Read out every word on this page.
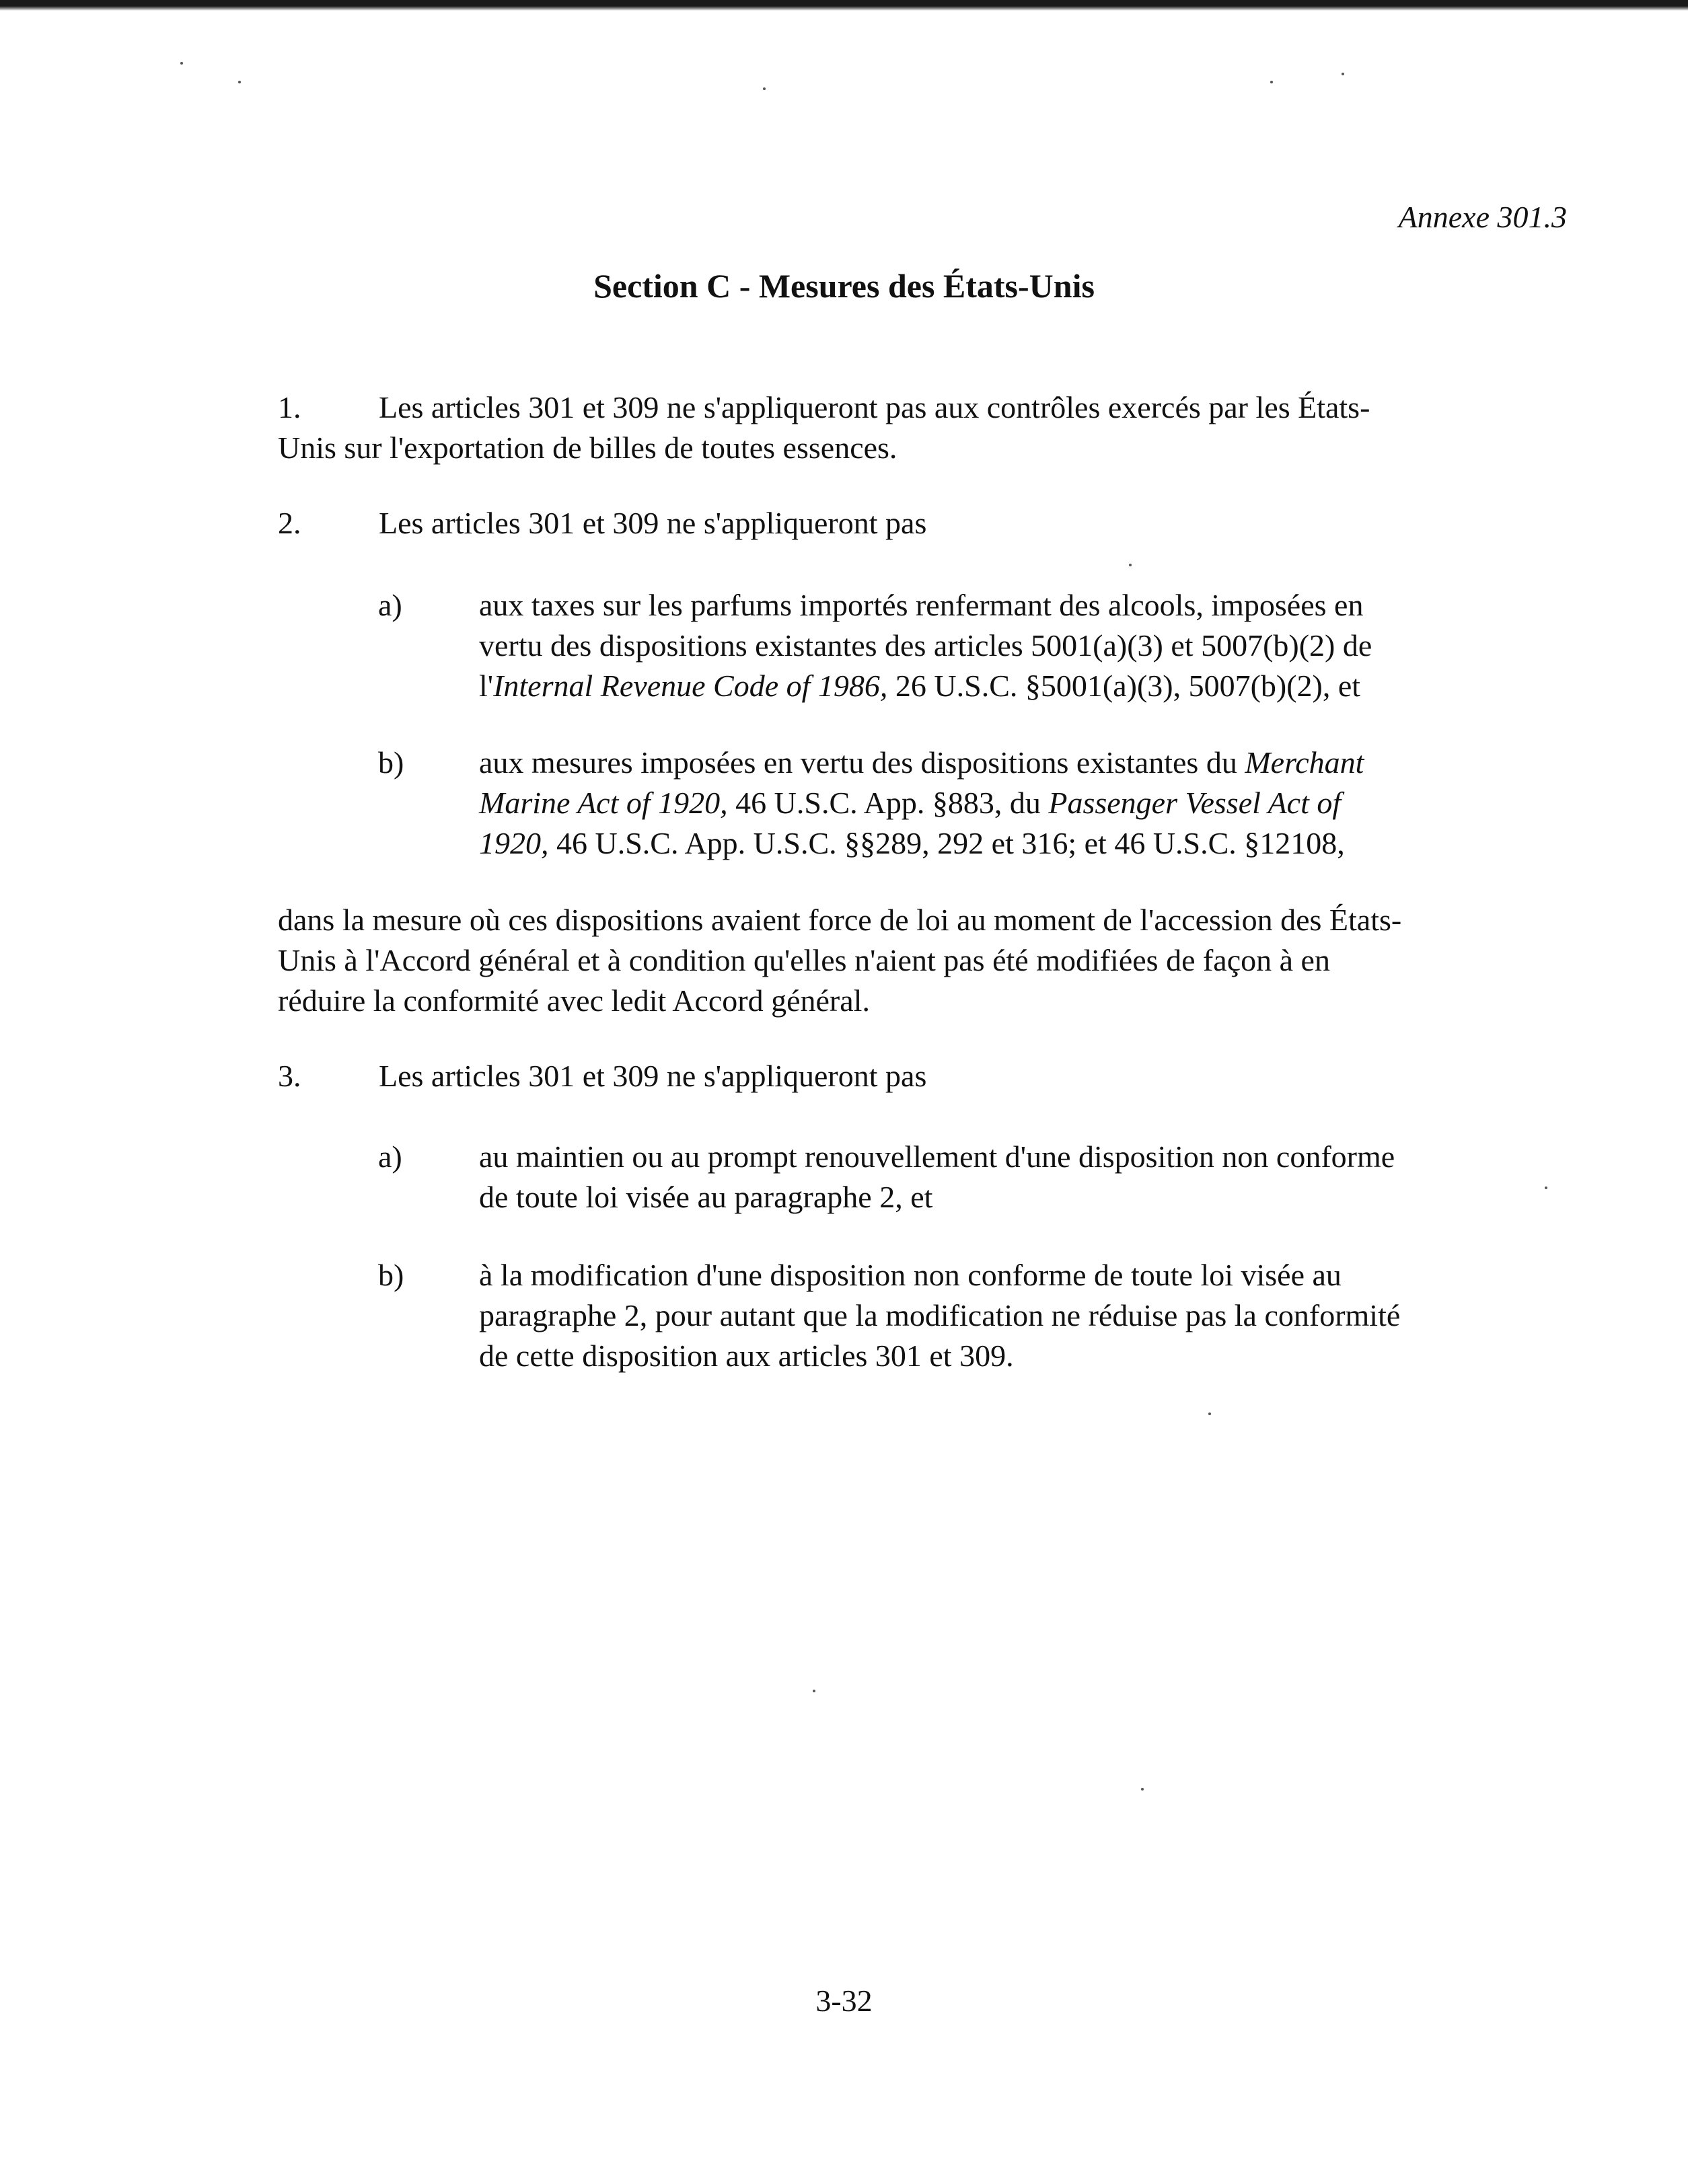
Annexe 301.3
Section C - Mesures des États-Unis
1.	Les articles 301 et 309 ne s'appliqueront pas aux contrôles exercés par les États-
Unis sur l'exportation de billes de toutes essences.
2.	Les articles 301 et 309 ne s'appliqueront pas
a) aux taxes sur les parfums importés renfermant des alcools, imposées en
vertu des dispositions existantes des articles 5001(a)(3) et 5007(b)(2) de
l'Internal Revenue Code of 1986, 26 U.S.C. §5001(a)(3), 5007(b)(2), et
b) aux mesures imposées en vertu des dispositions existantes du Merchant
Marine Act of 1920, 46 U.S.C. App. §883, du Passenger Vessel Act of
1920, 46 U.S.C. App. U.S.C. §§289, 292 et 316; et 46 U.S.C. §12108,
dans la mesure où ces dispositions avaient force de loi au moment de l'accession des États-
Unis à l'Accord général et à condition qu'elles n'aient pas été modifiées de façon à en
réduire la conformité avec ledit Accord général.
3.	Les articles 301 et 309 ne s'appliqueront pas
a) au maintien ou au prompt renouvellement d'une disposition non conforme
de toute loi visée au paragraphe 2, et
b) à la modification d'une disposition non conforme de toute loi visée au
paragraphe 2, pour autant que la modification ne réduise pas la conformité
de cette disposition aux articles 301 et 309.
3-32
